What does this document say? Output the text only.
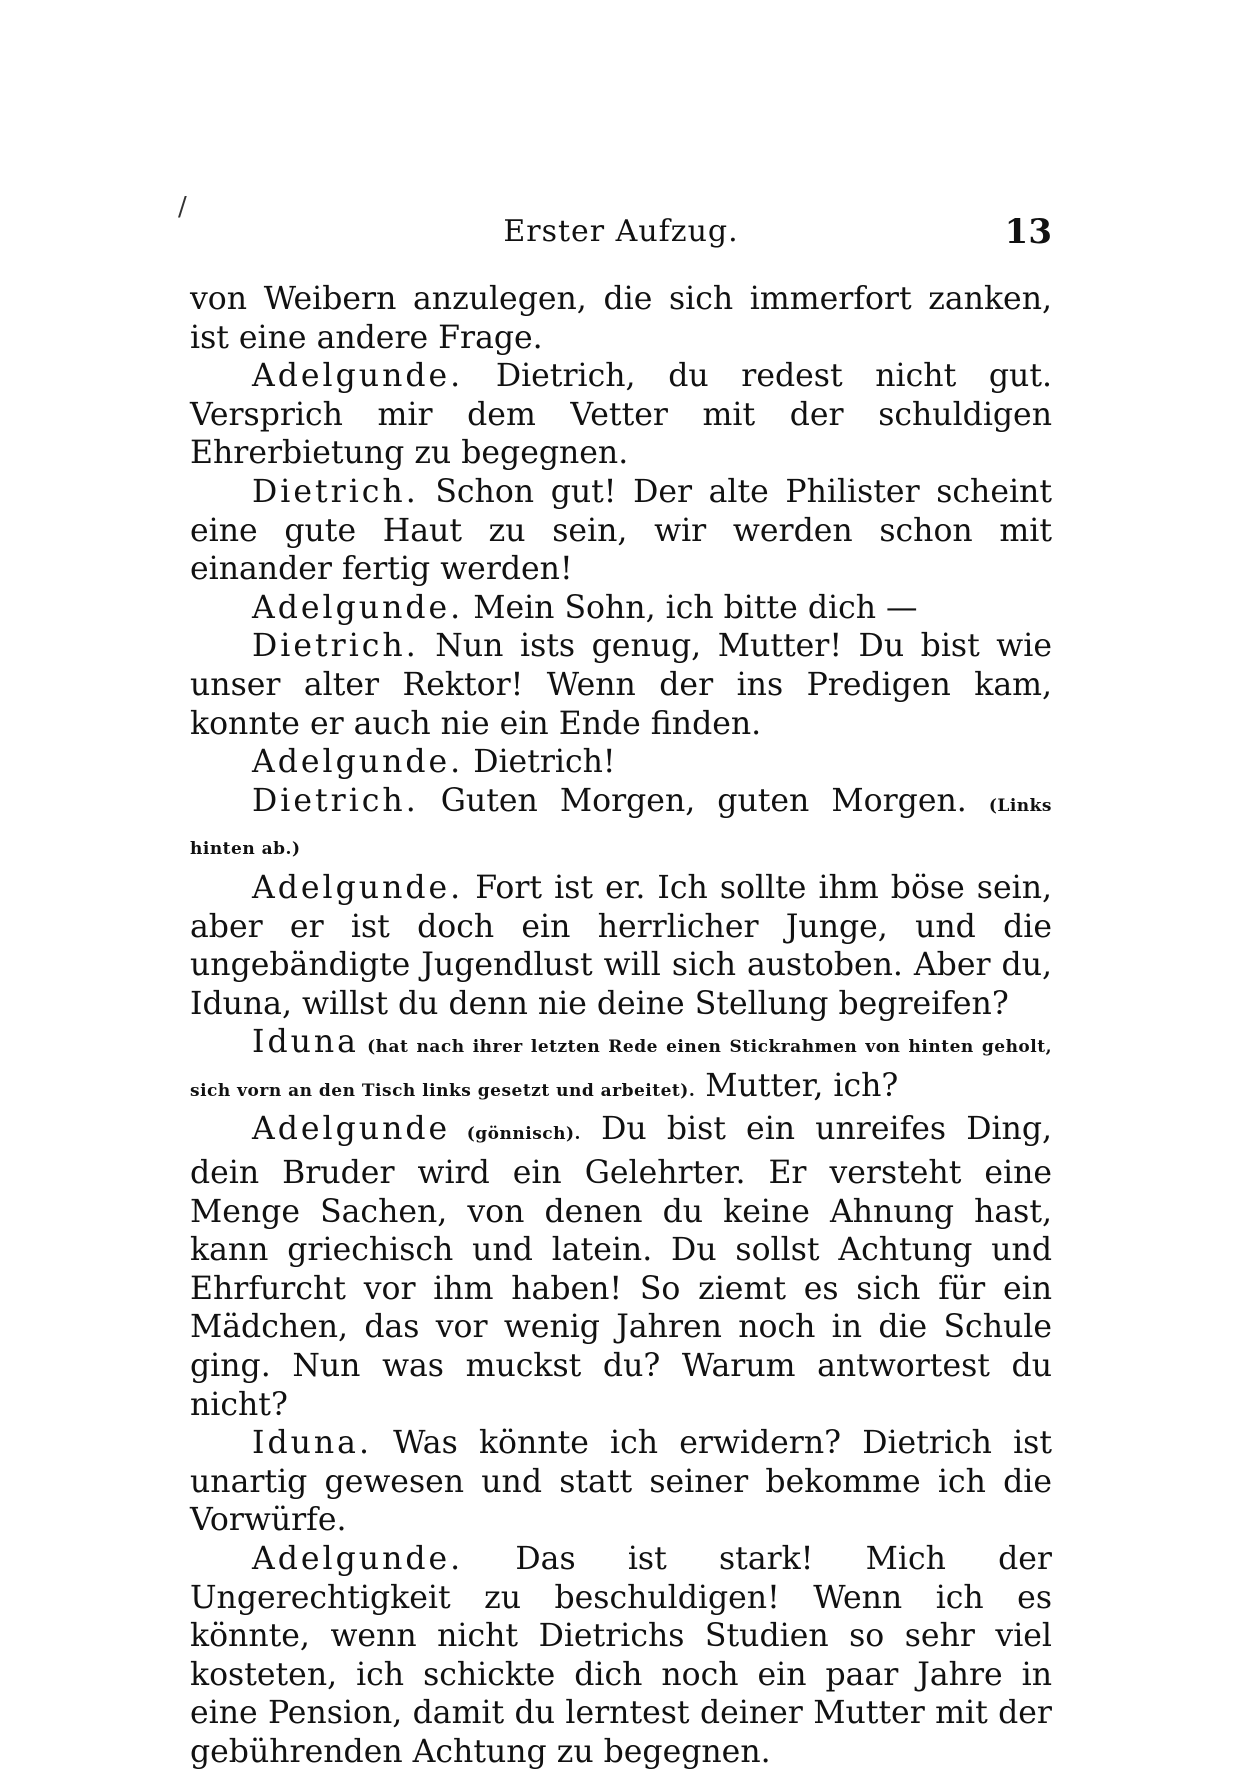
/
Erster Aufzug.	13

von Weibern anzulegen, die sich immerfort zanken, ist eine andere Frage.

Adelgunde. Dietrich, du redest nicht gut. Versprich mir dem Vetter mit der schuldigen Ehrerbietung zu begegnen.

Dietrich. Schon gut! Der alte Philister scheint eine gute Haut zu sein, wir werden schon mit einander fertig werden!

Adelgunde. Mein Sohn, ich bitte dich —

Dietrich. Nun ists genug, Mutter! Du bist wie unser alter Rektor! Wenn der ins Predigen kam, konnte er auch nie ein Ende finden.

Adelgunde. Dietrich!

Dietrich. Guten Morgen, guten Morgen. (Links hinten ab.)

Adelgunde. Fort ist er. Ich sollte ihm böse sein, aber er ist doch ein herrlicher Junge, und die ungebändigte Jugendlust will sich austoben. Aber du, Iduna, willst du denn nie deine Stellung begreifen?

Iduna (hat nach ihrer letzten Rede einen Stickrahmen von hinten geholt, sich vorn an den Tisch links gesetzt und arbeitet). Mutter, ich?

Adelgunde (gönnisch). Du bist ein unreifes Ding, dein Bruder wird ein Gelehrter. Er versteht eine Menge Sachen, von denen du keine Ahnung hast, kann griechisch und latein. Du sollst Achtung und Ehrfurcht vor ihm haben! So ziemt es sich für ein Mädchen, das vor wenig Jahren noch in die Schule ging. Nun was muckst du? Warum antwortest du nicht?

Iduna. Was könnte ich erwidern? Dietrich ist unartig gewesen und statt seiner bekomme ich die Vorwürfe.

Adelgunde. Das ist stark! Mich der Ungerechtigkeit zu beschuldigen! Wenn ich es könnte, wenn nicht Dietrichs Studien so sehr viel kosteten, ich schickte dich noch ein paar Jahre in eine Pension, damit du lerntest deiner Mutter mit der gebührenden Achtung zu begegnen.
